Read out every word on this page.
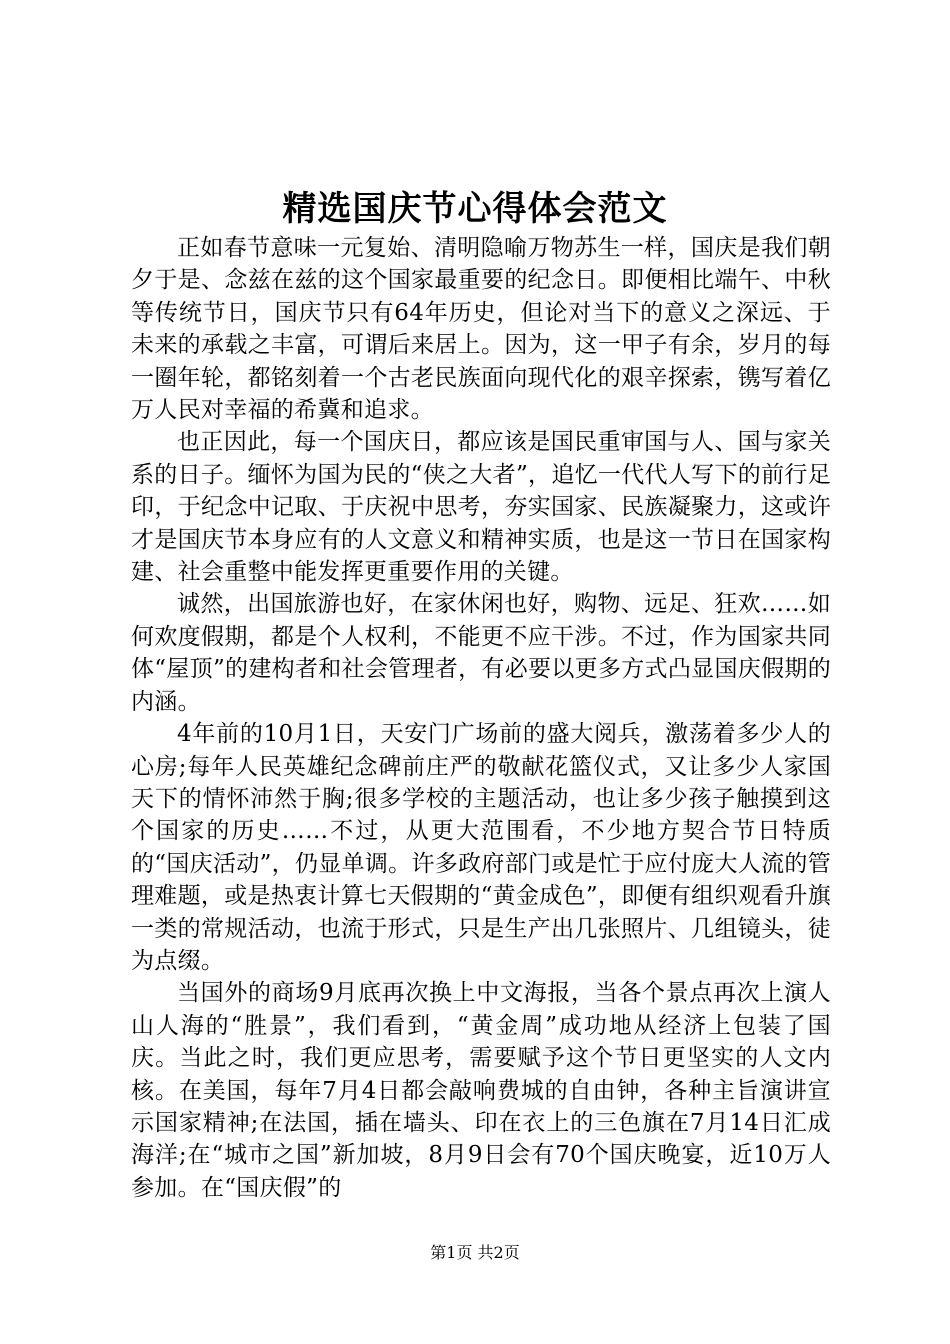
精选国庆节心得体会范文

正如春节意味一元复始、清明隐喻万物苏生一样，国庆是我们朝夕于是、念兹在兹的这个国家最重要的纪念日。即便相比端午、中秋等传统节日，国庆节只有64年历史，但论对当下的意义之深远、于未来的承载之丰富，可谓后来居上。因为，这一甲子有余，岁月的每一圈年轮，都铭刻着一个古老民族面向现代化的艰辛探索，镌写着亿万人民对幸福的希冀和追求。

也正因此，每一个国庆日，都应该是国民重审国与人、国与家关系的日子。缅怀为国为民的“侠之大者”，追忆一代代人写下的前行足印，于纪念中记取、于庆祝中思考，夯实国家、民族凝聚力，这或许才是国庆节本身应有的人文意义和精神实质，也是这一节日在国家构建、社会重整中能发挥更重要作用的关键。

诚然，出国旅游也好，在家休闲也好，购物、远足、狂欢……如何欢度假期，都是个人权利，不能更不应干涉。不过，作为国家共同体“屋顶”的建构者和社会管理者，有必要以更多方式凸显国庆假期的内涵。

4年前的10月1日，天安门广场前的盛大阅兵，激荡着多少人的心房;每年人民英雄纪念碑前庄严的敬献花篮仪式，又让多少人家国天下的情怀沛然于胸;很多学校的主题活动，也让多少孩子触摸到这个国家的历史……不过，从更大范围看，不少地方契合节日特质的“国庆活动”，仍显单调。许多政府部门或是忙于应付庞大人流的管理难题，或是热衷计算七天假期的“黄金成色”，即便有组织观看升旗一类的常规活动，也流于形式，只是生产出几张照片、几组镜头，徒为点缀。

当国外的商场9月底再次换上中文海报，当各个景点再次上演人山人海的“胜景”，我们看到，“黄金周”成功地从经济上包装了国庆。当此之时，我们更应思考，需要赋予这个节日更坚实的人文内核。在美国，每年7月4日都会敲响费城的自由钟，各种主旨演讲宣示国家精神;在法国，插在墙头、印在衣上的三色旗在7月14日汇成海洋;在“城市之国”新加坡，8月9日会有70个国庆晚宴，近10万人参加。在“国庆假”的

第1页 共2页
